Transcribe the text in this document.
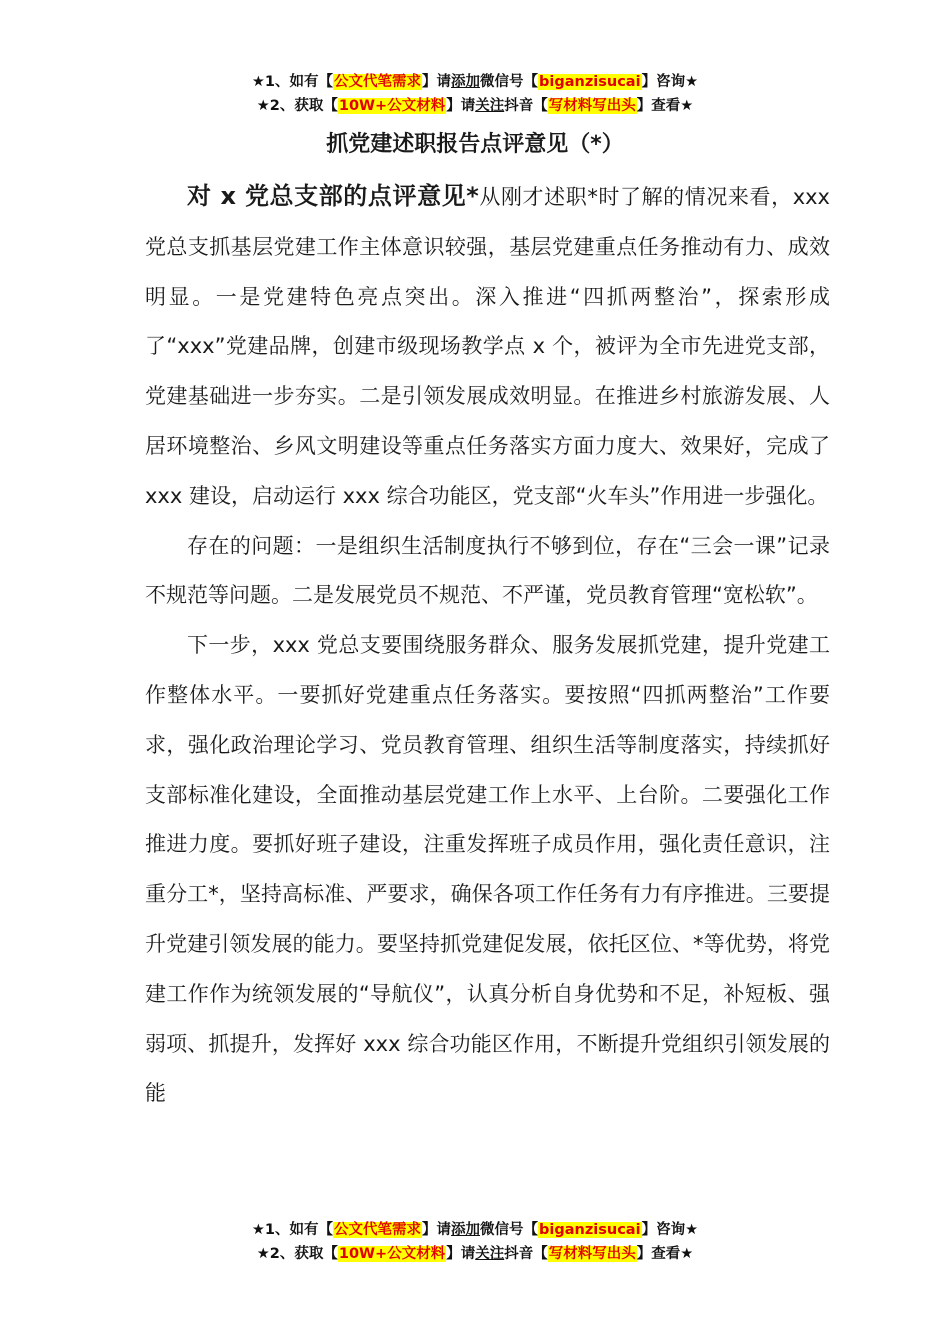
★1、如有【公文代笔需求】请添加微信号【biganzisucai】咨询★
★2、获取【10W+公文材料】请关注抖音【写材料写出头】查看★
抓党建述职报告点评意见（*）

对 x 党总支部的点评意见*从刚才述职*时了解的情况来看，xxx 党总支抓基层党建工作主体意识较强，基层党建重点任务推动有力、成效明显。一是党建特色亮点突出。深入推进“四抓两整治”，探索形成了“xxx”党建品牌，创建市级现场教学点 x 个，被评为全市先进党支部，党建基础进一步夯实。二是引领发展成效明显。在推进乡村旅游发展、人居环境整治、乡风文明建设等重点任务落实方面力度大、效果好，完成了 xxx 建设，启动运行 xxx 综合功能区，党支部“火车头”作用进一步强化。

存在的问题：一是组织生活制度执行不够到位，存在“三会一课”记录不规范等问题。二是发展党员不规范、不严谨，党员教育管理“宽松软”。

下一步，xxx 党总支要围绕服务群众、服务发展抓党建，提升党建工作整体水平。一要抓好党建重点任务落实。要按照“四抓两整治”工作要求，强化政治理论学习、党员教育管理、组织生活等制度落实，持续抓好支部标准化建设，全面推动基层党建工作上水平、上台阶。二要强化工作推进力度。要抓好班子建设，注重发挥班子成员作用，强化责任意识，注重分工*，坚持高标准、严要求，确保各项工作任务有力有序推进。三要提升党建引领发展的能力。要坚持抓党建促发展，依托区位、*等优势，将党建工作作为统领发展的“导航仪”，认真分析自身优势和不足，补短板、强弱项、抓提升，发挥好 xxx 综合功能区作用，不断提升党组织引领发展的能

★1、如有【公文代笔需求】请添加微信号【biganzisucai】咨询★
★2、获取【10W+公文材料】请关注抖音【写材料写出头】查看★
